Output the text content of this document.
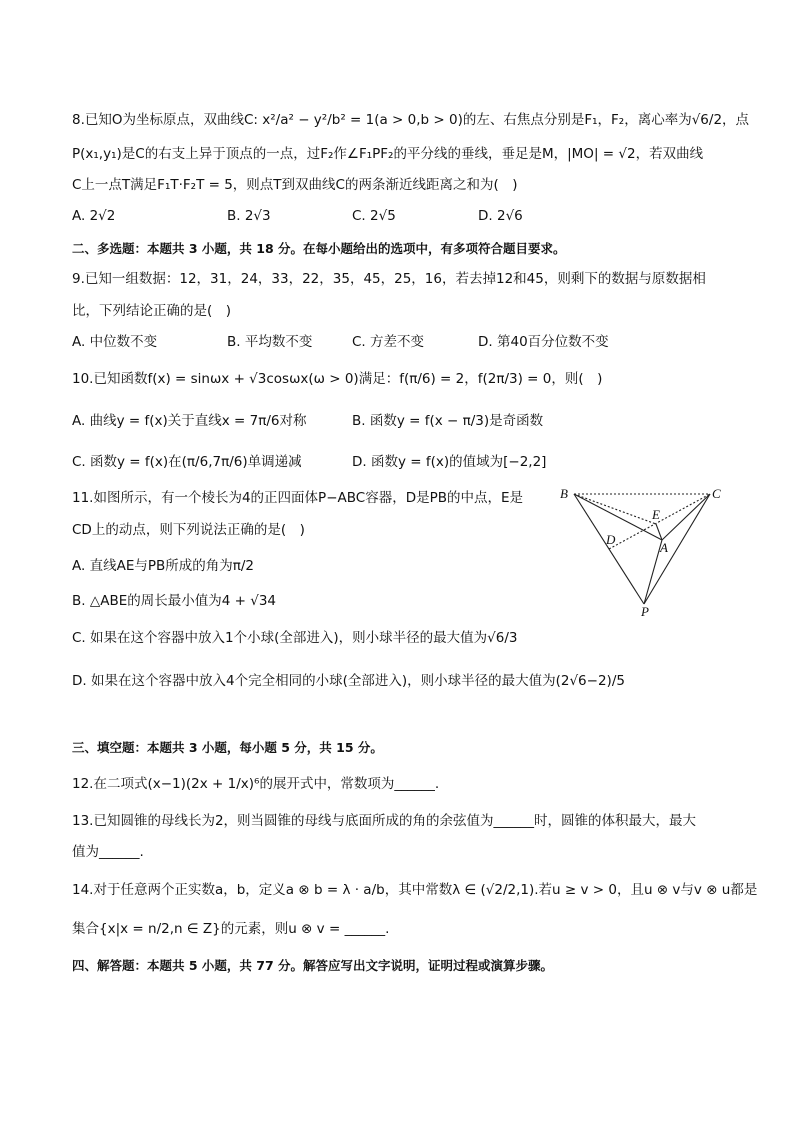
8.已知O为坐标原点，双曲线C: x²/a² − y²/b² = 1(a > 0,b > 0)的左、右焦点分别是F₁，F₂，离心率为√6/2，点
P(x₁,y₁)是C的右支上异于顶点的一点，过F₂作∠F₁PF₂的平分线的垂线，垂足是M，|MO| = √2，若双曲线
C上一点T满足F₁T·F₂T = 5，则点T到双曲线C的两条渐近线距离之和为(　)
A. 2√2	B. 2√3	C. 2√5	D. 2√6
二、多选题：本题共 3 小题，共 18 分。在每小题给出的选项中，有多项符合题目要求。
9.已知一组数据：12，31，24，33，22，35，45，25，16，若去掉12和45，则剩下的数据与原数据相
比，下列结论正确的是(　)
A. 中位数不变	B. 平均数不变	C. 方差不变	D. 第40百分位数不变
10.已知函数f(x) = sinωx + √3cosωx(ω > 0)满足：f(π/6) = 2，f(2π/3) = 0，则(　)
A. 曲线y = f(x)关于直线x = 7π/6对称	B. 函数y = f(x − π/3)是奇函数
C. 函数y = f(x)在(π/6,7π/6)单调递减	D. 函数y = f(x)的值域为[−2,2]
11.如图所示，有一个棱长为4的正四面体P−ABC容器，D是PB的中点，E是
CD上的动点，则下列说法正确的是(　)
A. 直线AE与PB所成的角为π/2
B. △ABE的周长最小值为4 + √34
C. 如果在这个容器中放入1个小球(全部进入)，则小球半径的最大值为√6/3
D. 如果在这个容器中放入4个完全相同的小球(全部进入)，则小球半径的最大值为(2√6−2)/5
B	C
E
D
A
P
三、填空题：本题共 3 小题，每小题 5 分，共 15 分。
12.在二项式(x−1)(2x + 1/x)⁶的展开式中，常数项为______.
13.已知圆锥的母线长为2，则当圆锥的母线与底面所成的角的余弦值为______时，圆锥的体积最大，最大
值为______.
14.对于任意两个正实数a，b，定义a ⊗ b = λ · a/b，其中常数λ ∈ (√2/2,1).若u ≥ v > 0，且u ⊗ v与v ⊗ u都是
集合{x|x = n/2,n ∈ Z}的元素，则u ⊗ v = ______.
四、解答题：本题共 5 小题，共 77 分。解答应写出文字说明，证明过程或演算步骤。
